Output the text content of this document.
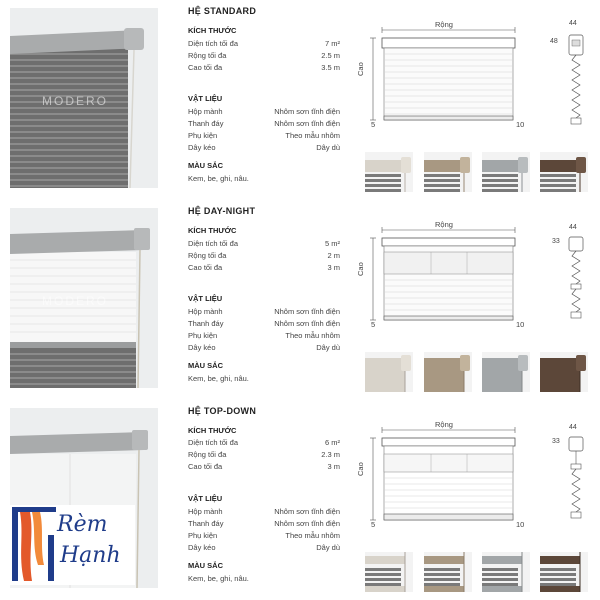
MODERO
HỆ STANDARD
KÍCH THƯỚC
Diện tích tối đa	7 m²
Rộng tối đa	2.5 m
Cao tối đa	3.5 m
VẬT LIỆU
Hộp mành	Nhôm sơn tĩnh điện
Thanh đáy	Nhôm sơn tĩnh điện
Phụ kiện	Theo mẫu nhôm
Dây kéo	Dây dù
MÀU SẮC
Kem, be, ghi, nâu.
Rộng
Cao
5	10
44
48
MODERO
HỆ DAY-NIGHT
KÍCH THƯỚC
Diện tích tối đa	5 m²
Rộng tối đa	2 m
Cao tối đa	3 m
VẬT LIỆU
Hộp mành	Nhôm sơn tĩnh điện
Thanh đáy	Nhôm sơn tĩnh điện
Phụ kiện	Theo mẫu nhôm
Dây kéo	Dây dù
MÀU SẮC
Kem, be, ghi, nâu.
Rộng
Cao
5	10
44
33
HỆ TOP-DOWN
KÍCH THƯỚC
Diện tích tối đa	6 m²
Rộng tối đa	2.3 m
Cao tối đa	3 m
VẬT LIỆU
Hộp mành	Nhôm sơn tĩnh điện
Thanh đáy	Nhôm sơn tĩnh điện
Phụ kiện	Theo mẫu nhôm
Dây kéo	Dây dù
MÀU SẮC
Kem, be, ghi, nâu.
Rộng
Cao
5	10
44
33
Rèm
Hạnh
